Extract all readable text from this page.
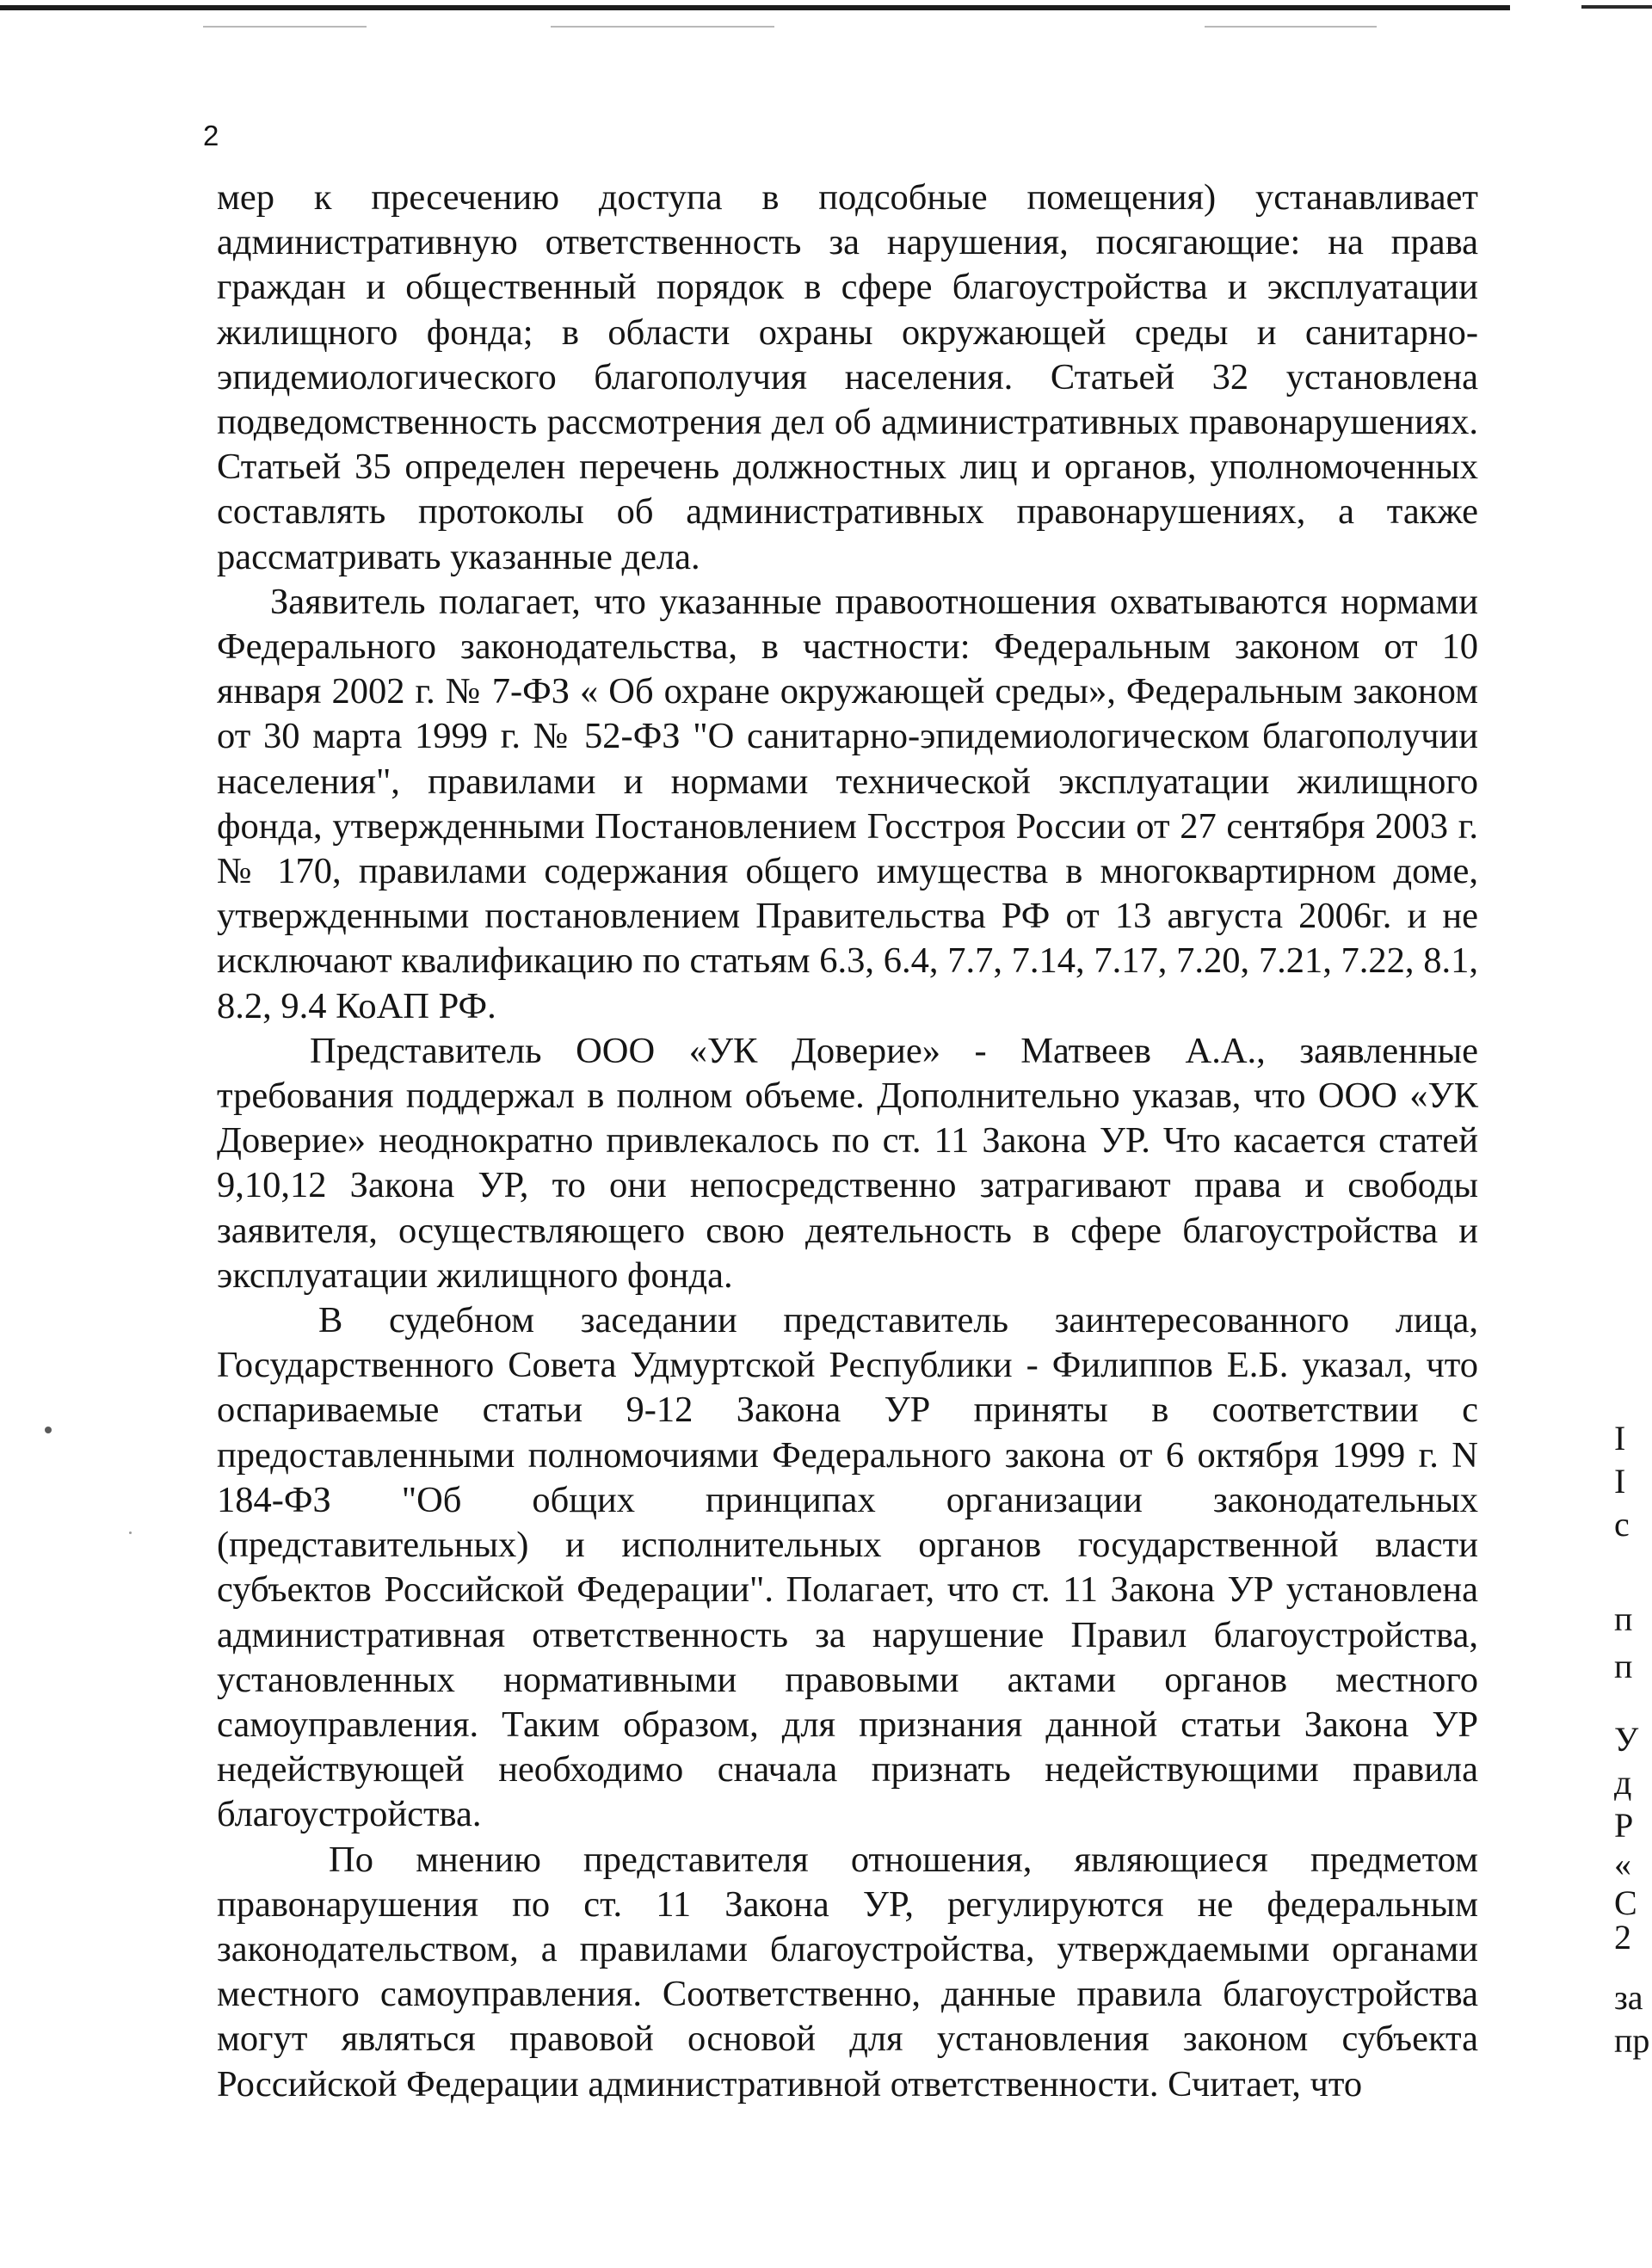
2

мер к пресечению доступа в подсобные помещения) устанавливает административную ответственность за нарушения, посягающие: на права граждан и общественный порядок в сфере благоустройства и эксплуатации жилищного фонда; в области охраны окружающей среды и санитарно-эпидемиологического благополучия населения. Статьей 32 установлена подведомственность рассмотрения дел об административных правонарушениях. Статьей 35 определен перечень должностных лиц и органов, уполномоченных составлять протоколы об административных правонарушениях, а также рассматривать указанные дела.

Заявитель полагает, что указанные правоотношения охватываются нормами Федерального законодательства, в частности: Федеральным законом от 10 января 2002 г. № 7-ФЗ « Об охране окружающей среды», Федеральным законом от 30 марта 1999 г. № 52-ФЗ "О санитарно-эпидемиологическом благополучии населения", правилами и нормами технической эксплуатации жилищного фонда, утвержденными Постановлением Госстроя России от 27 сентября 2003 г. № 170, правилами содержания общего имущества в многоквартирном доме, утвержденными постановлением Правительства РФ от 13 августа 2006г. и не исключают квалификацию по статьям 6.3, 6.4, 7.7, 7.14, 7.17, 7.20, 7.21, 7.22, 8.1, 8.2, 9.4 КоАП РФ.

Представитель ООО «УК Доверие» - Матвеев А.А., заявленные требования поддержал в полном объеме. Дополнительно указав, что ООО «УК Доверие» неоднократно привлекалось по ст. 11 Закона УР. Что касается статей 9,10,12 Закона УР, то они непосредственно затрагивают права и свободы заявителя, осуществляющего свою деятельность в сфере благоустройства и эксплуатации жилищного фонда.

В судебном заседании представитель заинтересованного лица, Государственного Совета Удмуртской Республики - Филиппов Е.Б. указал, что оспариваемые статьи 9-12 Закона УР приняты в соответствии с предоставленными полномочиями Федерального закона от 6 октября 1999 г. N 184-ФЗ "Об общих принципах организации законодательных (представительных) и исполнительных органов государственной власти субъектов Российской Федерации". Полагает, что ст. 11 Закона УР установлена административная ответственность за нарушение Правил благоустройства, установленных нормативными правовыми актами органов местного самоуправления. Таким образом, для признания данной статьи Закона УР недействующей необходимо сначала признать недействующими правила благоустройства.

По мнению представителя отношения, являющиеся предметом правонарушения по ст. 11 Закона УР, регулируются не федеральным законодательством, а правилами благоустройства, утверждаемыми органами местного самоуправления. Соответственно, данные правила благоустройства могут являться правовой основой для установления законом субъекта Российской Федерации административной ответственности. Считает, что

I
I
с
п
п
У
д
Р
«
С
2
за
пр
